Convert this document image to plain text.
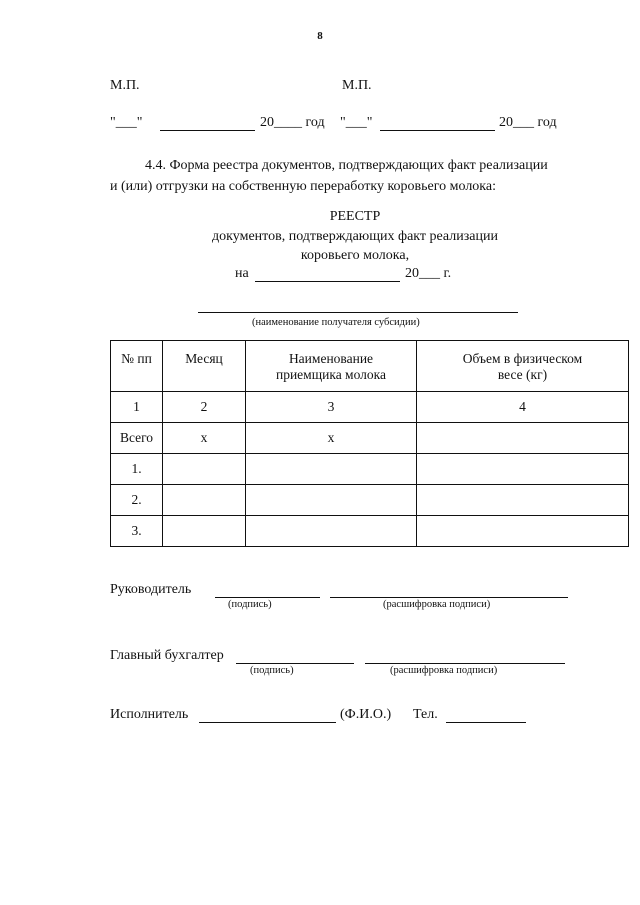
8
М.П.	М.П.
"___"	20____ год "___"	20___ год
4.4. Форма реестра документов, подтверждающих факт реализации
и (или) отгрузки на собственную переработку коровьего молока:
РЕЕСТР
документов, подтверждающих факт реализации
коровьего молока,
на	20___ г.
(наименование получателя субсидии)
№ пп	Месяц	Наименование приемщика молока	Объем в физическом весе (кг)
1	2	3	4
Всего	x	x	
1.			
2.			
3.			
Руководитель
(подпись)	(расшифровка подписи)
Главный бухгалтер
(подпись)	(расшифровка подписи)
Исполнитель	(Ф.И.О.) Тел.
